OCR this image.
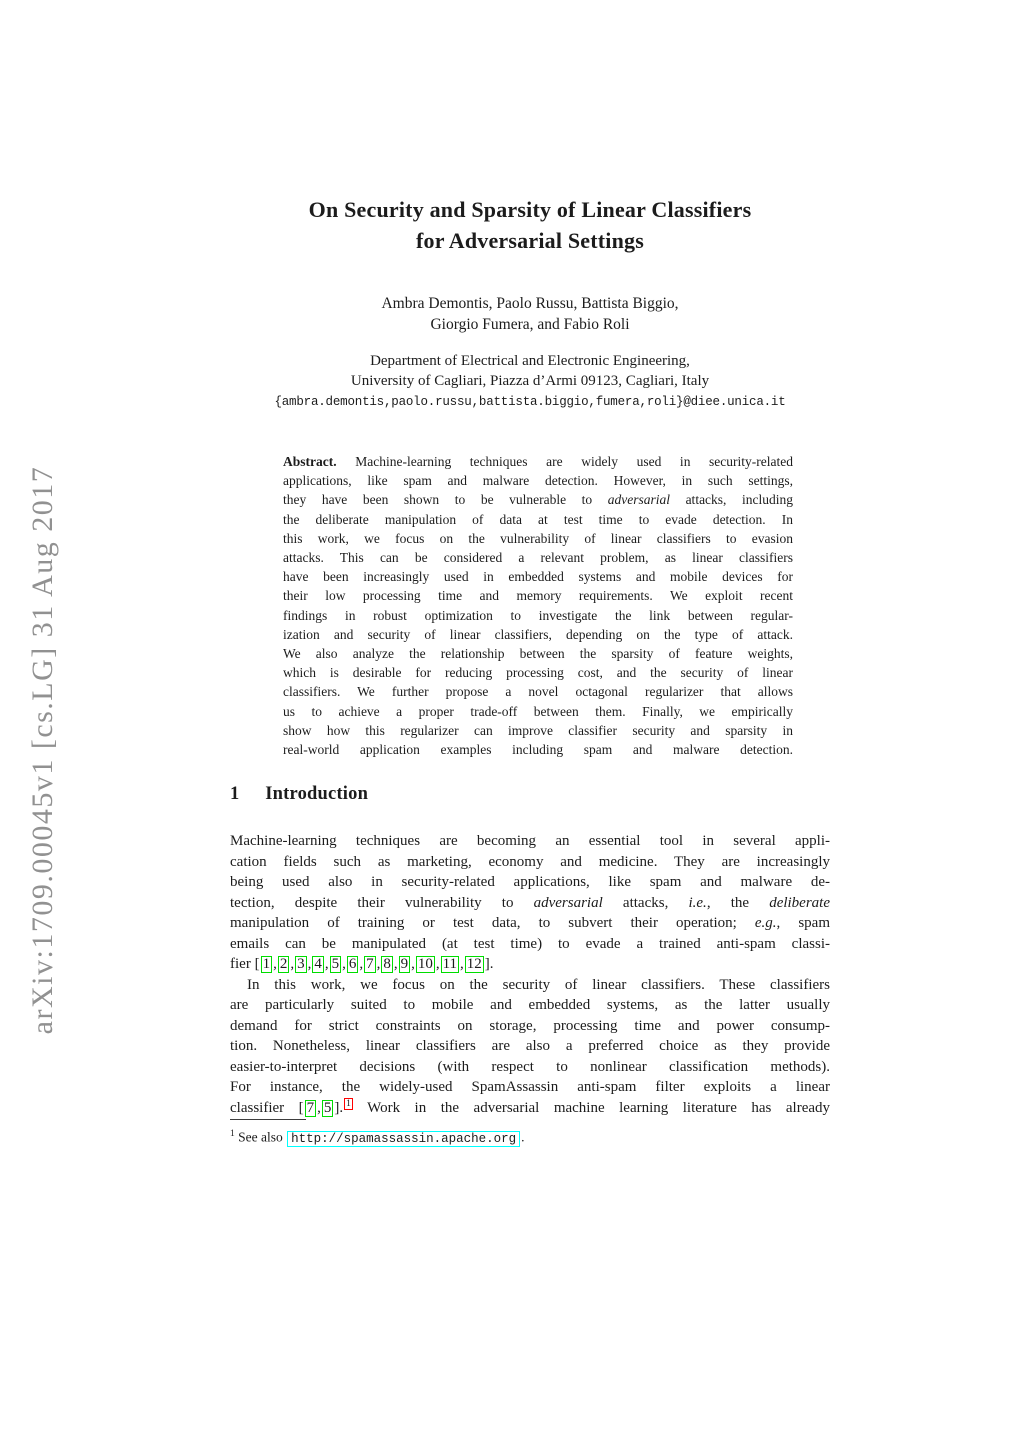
arXiv:1709.00045v1 [cs.LG] 31 Aug 2017
On Security and Sparsity of Linear Classifiers
for Adversarial Settings
Ambra Demontis, Paolo Russu, Battista Biggio,
Giorgio Fumera, and Fabio Roli
Department of Electrical and Electronic Engineering,
University of Cagliari, Piazza d’Armi 09123, Cagliari, Italy
{ambra.demontis,paolo.russu,battista.biggio,fumera,roli}@diee.unica.it
Abstract. Machine-learning techniques are widely used in security-related
applications, like spam and malware detection. However, in such settings,
they have been shown to be vulnerable to adversarial attacks, including
the deliberate manipulation of data at test time to evade detection. In
this work, we focus on the vulnerability of linear classifiers to evasion
attacks. This can be considered a relevant problem, as linear classifiers
have been increasingly used in embedded systems and mobile devices for
their low processing time and memory requirements. We exploit recent
findings in robust optimization to investigate the link between regular-
ization and security of linear classifiers, depending on the type of attack.
We also analyze the relationship between the sparsity of feature weights,
which is desirable for reducing processing cost, and the security of linear
classifiers. We further propose a novel octagonal regularizer that allows
us to achieve a proper trade-off between them. Finally, we empirically
show how this regularizer can improve classifier security and sparsity in
real-world application examples including spam and malware detection.
1 Introduction
Machine-learning techniques are becoming an essential tool in several appli-
cation fields such as marketing, economy and medicine. They are increasingly
being used also in security-related applications, like spam and malware de-
tection, despite their vulnerability to adversarial attacks, i.e., the deliberate
manipulation of training or test data, to subvert their operation; e.g., spam
emails can be manipulated (at test time) to evade a trained anti-spam classi-
fier [ 1 , 2 , 3 , 4 , 5 , 6 , 7 , 8 , 9 , 10 , 11 , 12 ].
In this work, we focus on the security of linear classifiers. These classifiers
are particularly suited to mobile and embedded systems, as the latter usually
demand for strict constraints on storage, processing time and power consump-
tion. Nonetheless, linear classifiers are also a preferred choice as they provide
easier-to-interpret decisions (with respect to nonlinear classification methods).
For instance, the widely-used SpamAssassin anti-spam filter exploits a linear
classifier [ 7 , 5 ]. $^1$ Work in the adversarial machine learning literature has already
$^1$ See also http://spamassassin.apache.org .
